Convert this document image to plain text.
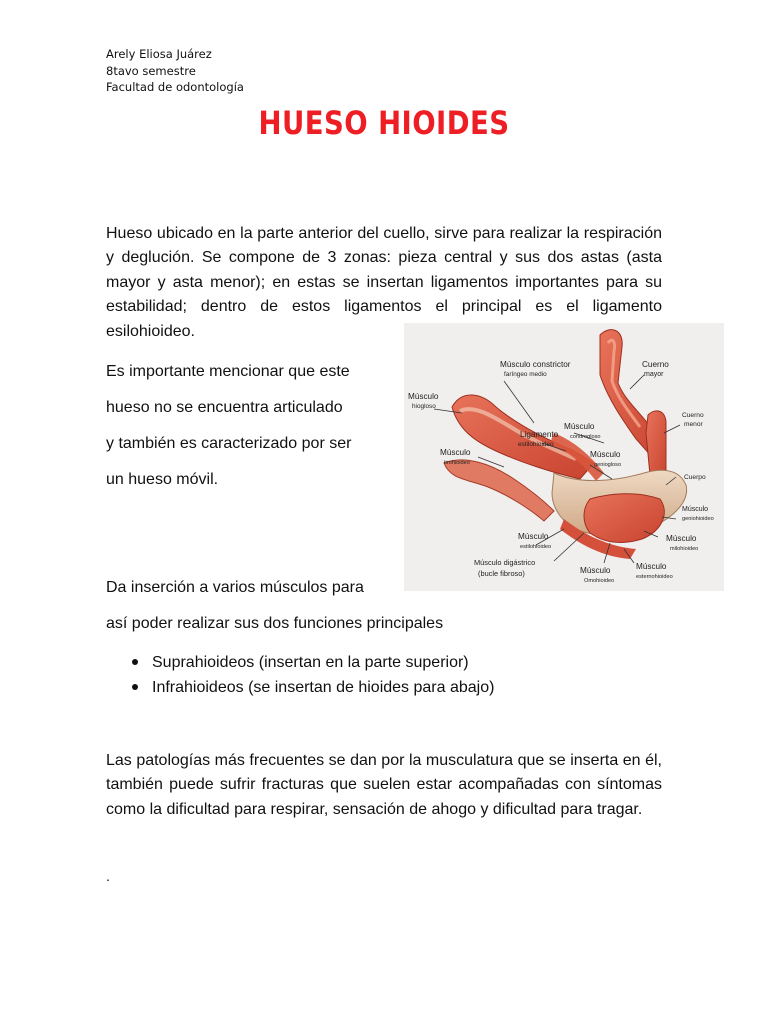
Arely Eliosa Juárez
8tavo semestre
Facultad de odontología
HUESO HIOIDES

Hueso ubicado en la parte anterior del cuello, sirve para realizar la respiración y deglución. Se compone de 3 zonas: pieza central y sus dos astas (asta mayor y asta menor); en estas se insertan ligamentos importantes para su estabilidad; dentro de estos ligamentos el principal es el ligamento esilohioideo.

Es importante mencionar que este

hueso no se encuentra articulado

y también es caracterizado por ser

un hueso móvil.

Da inserción a varios músculos para

así poder realizar sus dos funciones principales

Suprahioideos (insertan en la parte superior)
Infrahioideos (se insertan de hioides para abajo)

Las patologías más frecuentes se dan por la musculatura que se inserta en él, también puede sufrir fracturas que suelen estar acompañadas con síntomas como la dificultad para respirar, sensación de ahogo y dificultad para tragar.

.

Músculo constrictor
faríngeo medio
Cuerno
mayor
Músculo
hiogloso
Cuerno
menor
Músculo
condrogloso
Ligamento
estilohioideo
Músculo
tirohioideo
Músculo
geniogloso
Cuerpo
Músculo
geniohioideo
Músculo
milohioideo
Músculo
estilohioideo
Músculo digástrico
(bucle fibroso)	Músculo
Omohioideo
Músculo
esternohioideo
